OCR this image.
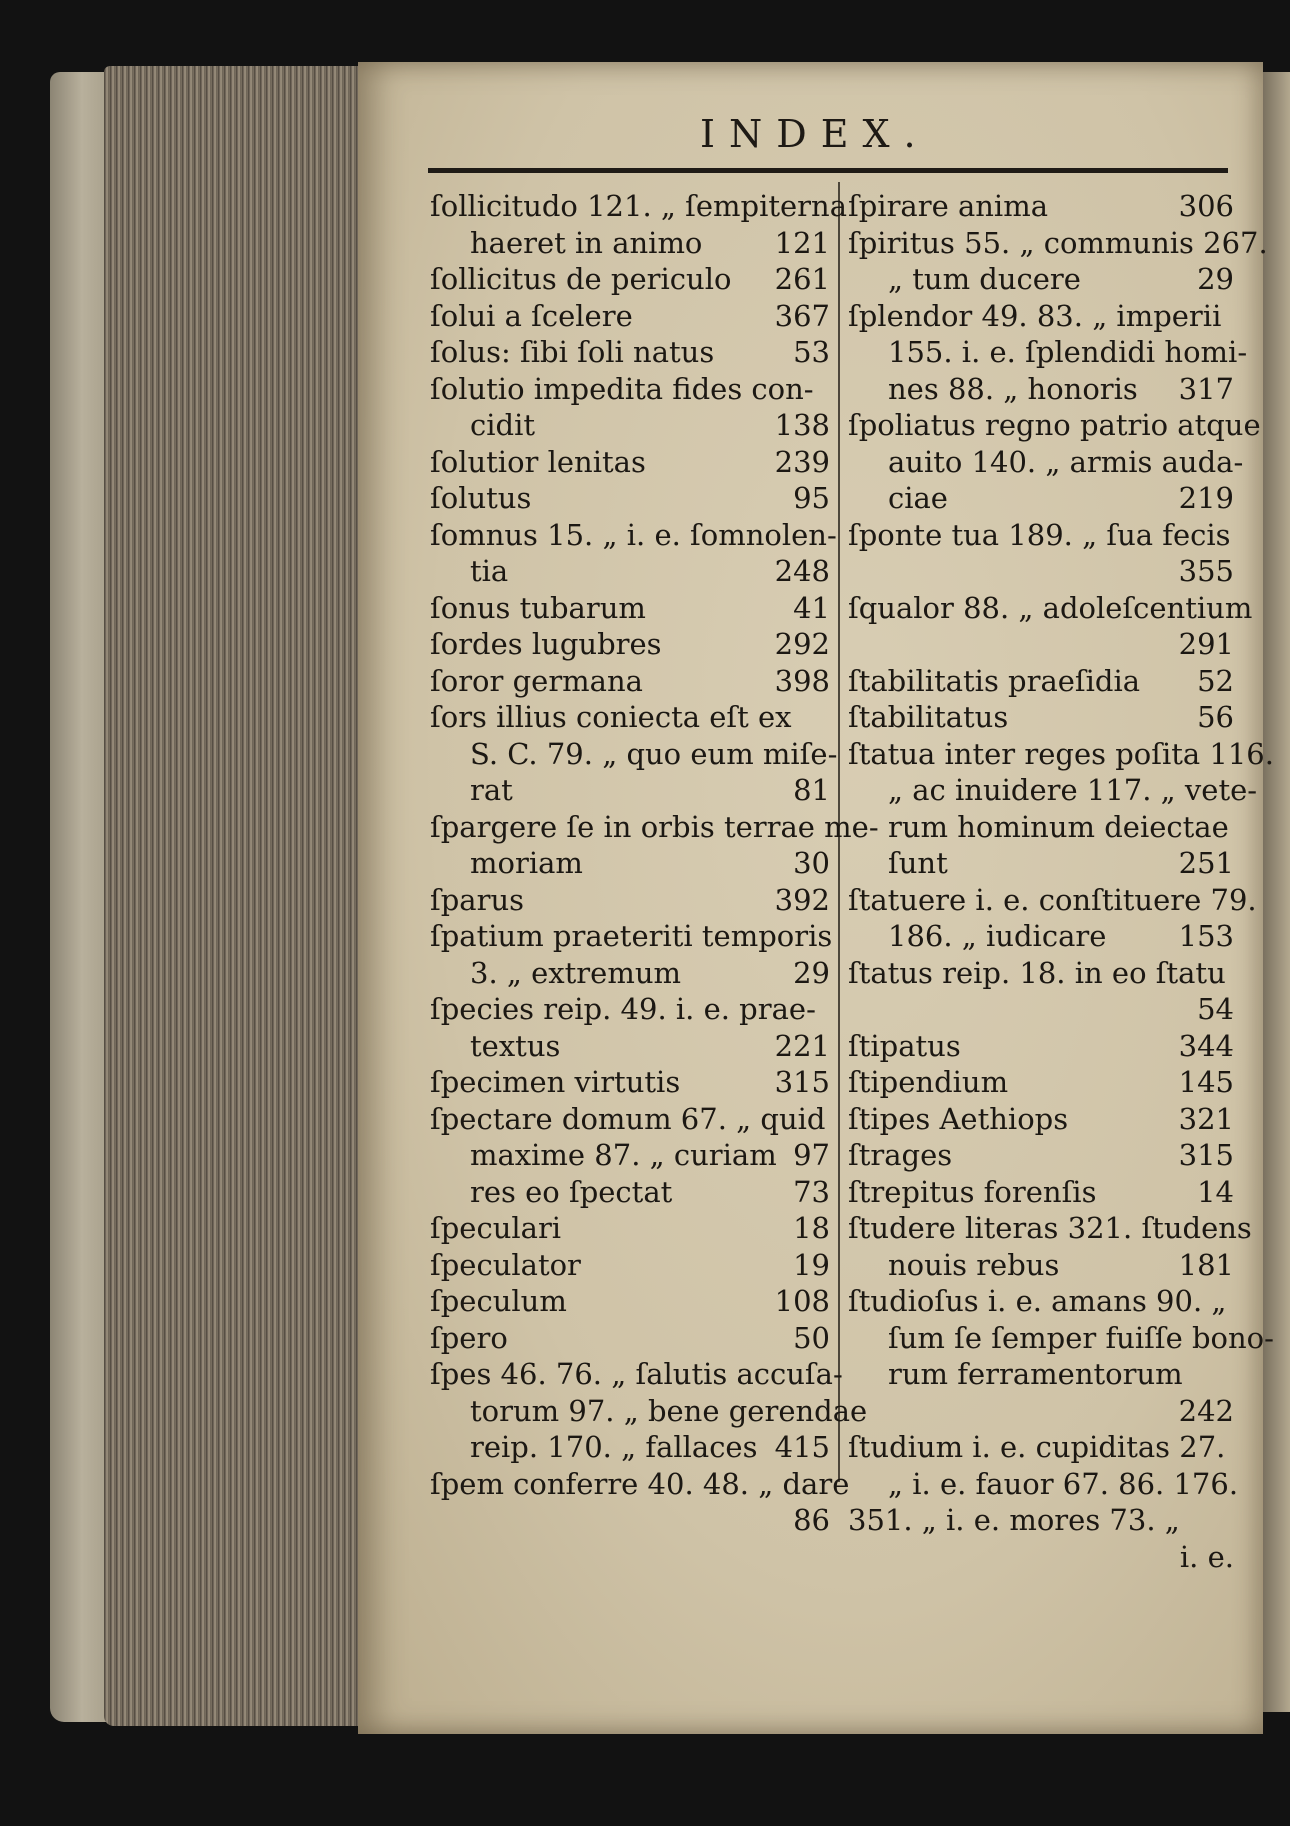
INDEX.
ſollicitudo 121. „ ſempiterna
haeret in animo 121
ſollicitus de periculo 261
ſolui a ſcelere	367
ſolus: ſibi ſoli natus	53
ſolutio impedita fides con-
cidit	138
ſolutior lenitas	239
ſolutus	95
ſomnus 15. „ i. e. ſomnolen-
tia	248
ſonus tubarum	41
ſordes lugubres	292
ſoror germana	398
ſors illius coniecta eſt ex
S. C. 79. „ quo eum miſe-
rat	81
ſpargere ſe in orbis terrae me-
moriam	30
ſparus	392
ſpatium praeteriti temporis
3. „ extremum	29
ſpecies reip. 49. i. e. prae-
textus	221
ſpecimen virtutis	315
ſpectare domum 67. „ quid
maxime 87. „ curiam 97
res eo ſpectat	73
ſpeculari	18
ſpeculator	19
ſpeculum	108
ſpero	50
ſpes 46. 76. „ ſalutis accuſa-
torum 97. „ bene gerendae
reip. 170. „ fallaces 415
ſpem conferre 40. 48. „ dare
86
ſpirare anima	306
ſpiritus 55. „ communis 267.
„ tum ducere	29
ſplendor 49. 83. „ imperii
155. i. e. ſplendidi homi-
nes 88. „ honoris 317
ſpoliatus regno patrio atque
auito 140. „ armis auda-
ciae	219
ſponte tua 189. „ ſua fecis
355
ſqualor 88. „ adoleſcentium
291
ſtabilitatis praeſidia 52
ſtabilitatus	56
ſtatua inter reges poſita 116.
„ ac inuidere 117. „ vete-
rum hominum deiectae
ſunt	251
ſtatuere i. e. conſtituere 79.
186. „ iudicare 153
ſtatus reip. 18. in eo ſtatu
54
ſtipatus	344
ſtipendium	145
ſtipes Aethiops	321
ſtrages	315
ſtrepitus forenſis	14
ſtudere literas 321. ſtudens
nouis rebus	181
ſtudioſus i. e. amans 90. „
ſum ſe ſemper fuiſſe bono-
rum ferramentorum
242
ſtudium i. e. cupiditas 27.
„ i. e. fauor 67. 86. 176.
351. „ i. e. mores 73. „
i. e.
